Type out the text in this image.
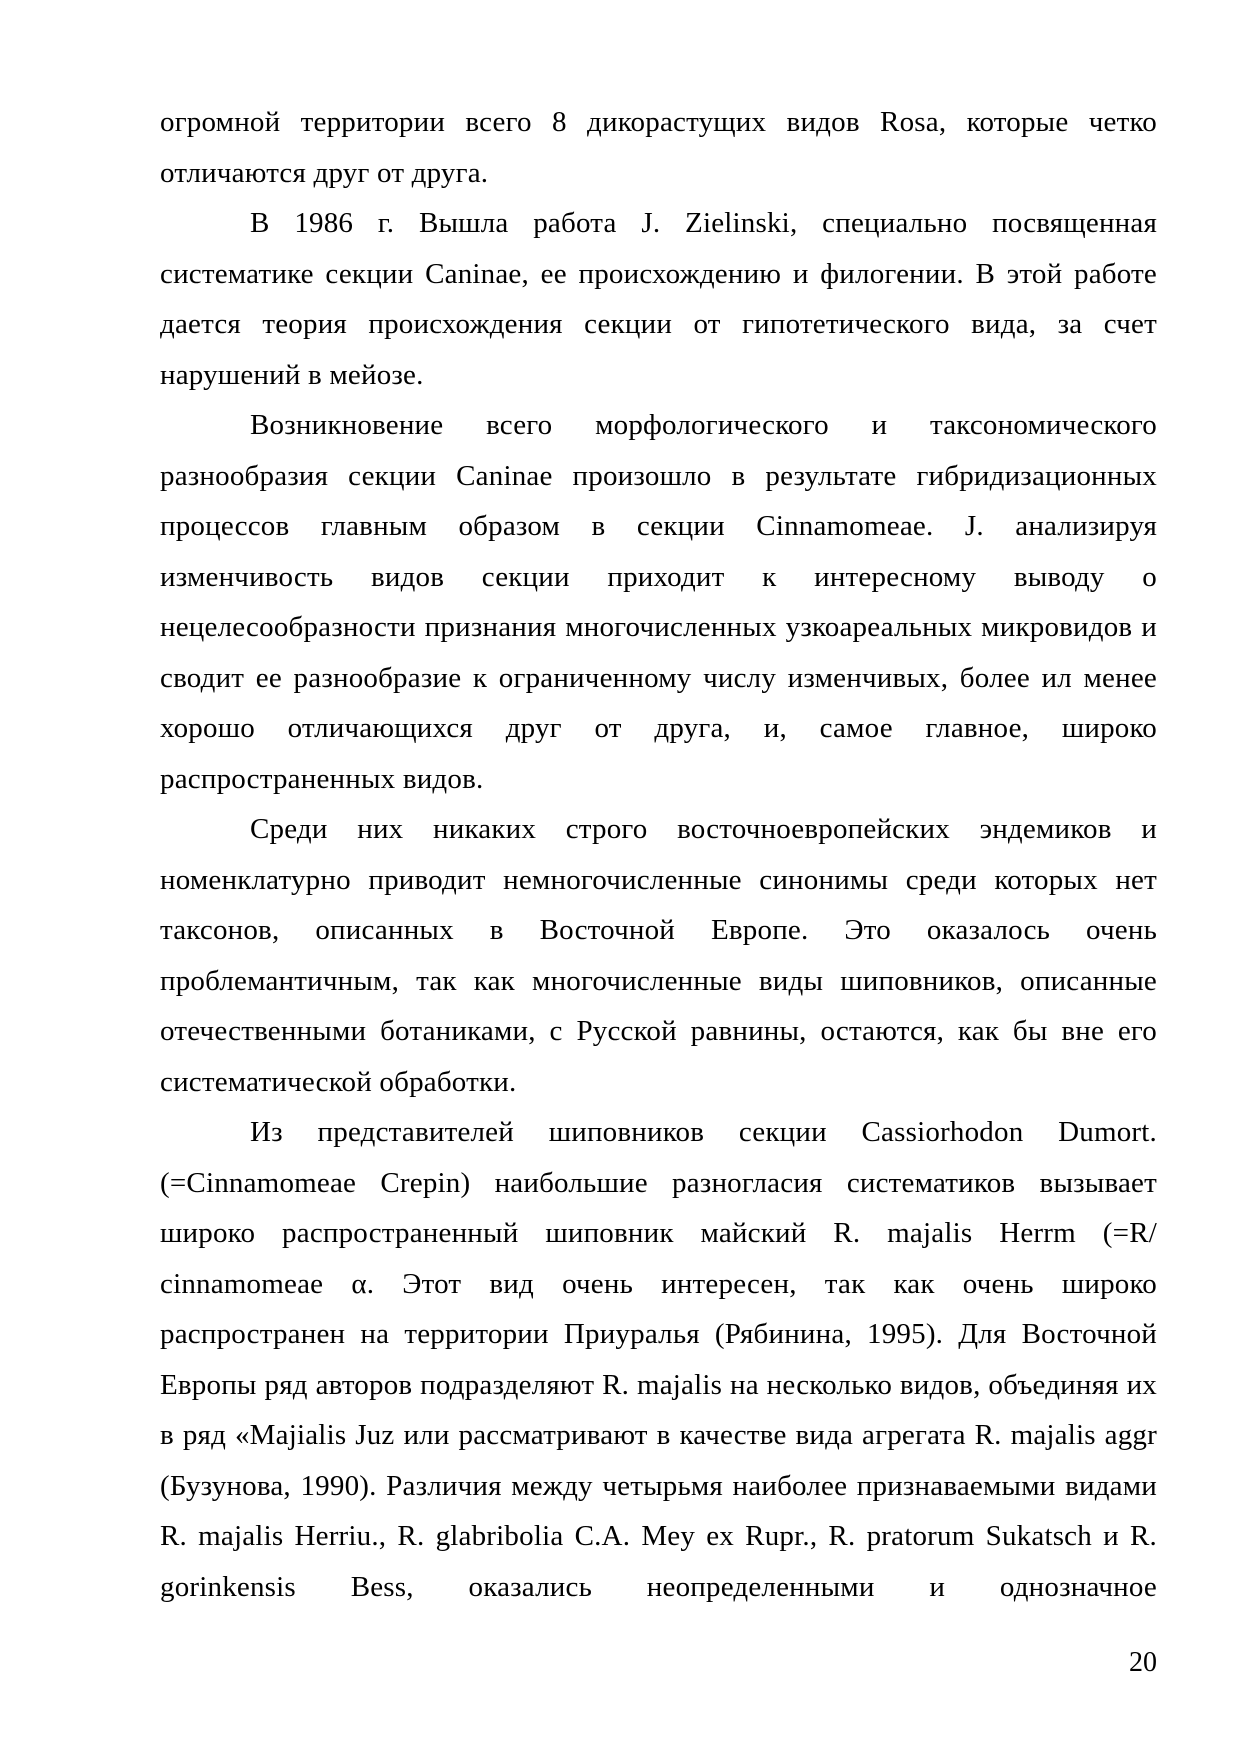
огромной территории всего 8 дикорастущих видов Rosa, которые четко отличаются друг от друга.

В 1986 г. Вышла работа J. Zielinski, специально посвященная систематике секции Caninae, ее происхождению и филогении. В этой работе дается теория происхождения секции от гипотетического вида, за счет нарушений в мейозе.

Возникновение всего морфологического и таксономического разнообразия секции Caninae произошло в результате гибридизационных процессов главным образом в секции Cinnamomeae. J. анализируя изменчивость видов секции приходит к интересному выводу о нецелесообразности признания многочисленных узкоареальных микровидов и сводит ее разнообразие к ограниченному числу изменчивых, более ил менее хорошо отличающихся друг от друга, и, самое главное, широко распространенных видов.

Среди них никаких строго восточноевропейских эндемиков и номенклатурно приводит немногочисленные синонимы среди которых нет таксонов, описанных в Восточной Европе. Это оказалось очень проблемантичным, так как многочисленные виды шиповников, описанные отечественными ботаниками, с Русской равнины, остаются, как бы вне его систематической обработки.

Из представителей шиповников секции Cassiorhodon Dumort. (=Cinnamomeae Crepin) наибольшие разногласия систематиков вызывает широко распространенный шиповник майский R. majalis Herrm (=R/ cinnamomeae α. Этот вид очень интересен, так как очень широко распространен на территории Приуралья (Рябинина, 1995). Для Восточной Европы ряд авторов подразделяют R. majalis на несколько видов, объединяя их в ряд «Majialis Juz или рассматривают в качестве вида агрегата R. majalis aggr (Бузунова, 1990). Различия между четырьмя наиболее признаваемыми видами R. majalis Herriu., R. glabribolia C.A. Mey ex Rupr., R. pratorum Sukatsch и R. gorinkensis Bess, оказались неопределенными и однозначное

20
